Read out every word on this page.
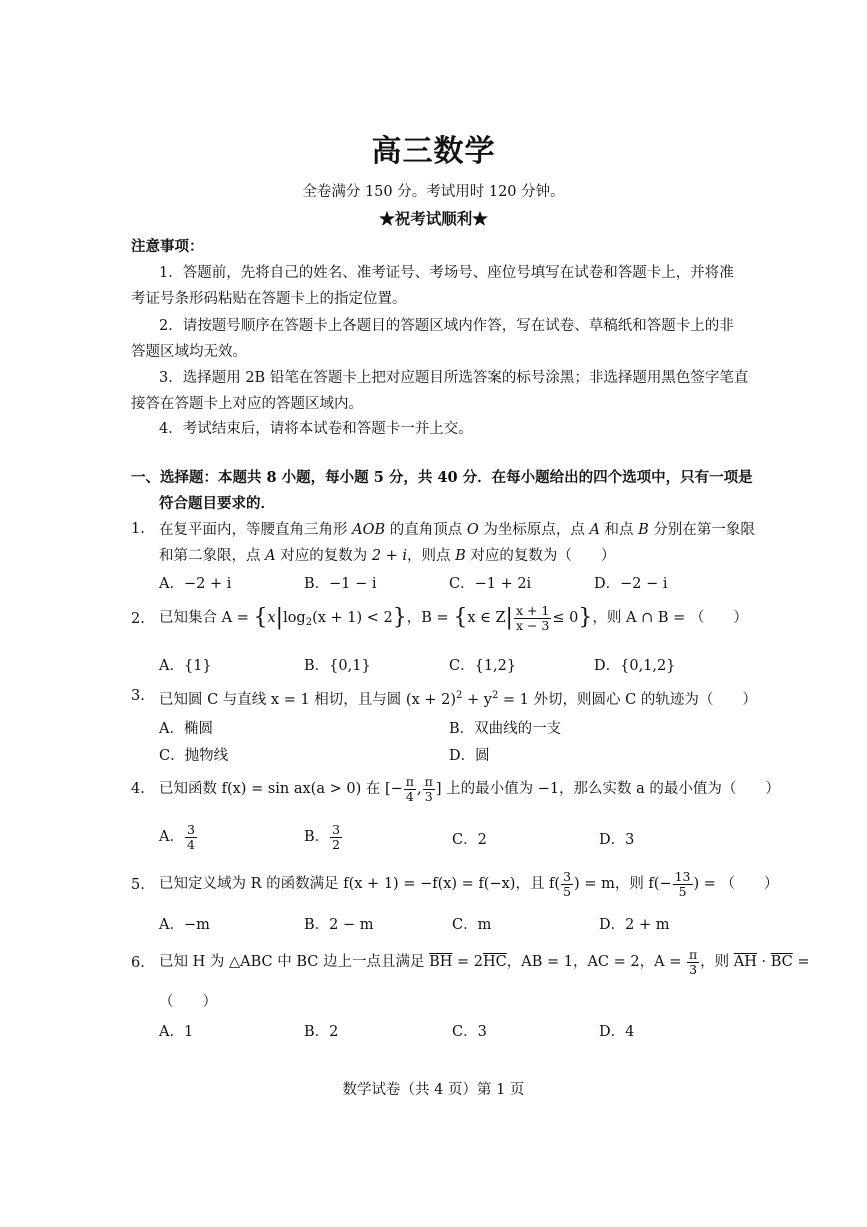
高三数学
全卷满分 150 分。考试用时 120 分钟。
★祝考试顺利★
注意事项：
1．答题前，先将自己的姓名、准考证号、考场号、座位号填写在试卷和答题卡上，并将准
考证号条形码粘贴在答题卡上的指定位置。
2．请按题号顺序在答题卡上各题目的答题区域内作答，写在试卷、草稿纸和答题卡上的非
答题区域均无效。
3．选择题用 2B 铅笔在答题卡上把对应题目所选答案的标号涂黑；非选择题用黑色签字笔直
接答在答题卡上对应的答题区域内。
4．考试结束后，请将本试卷和答题卡一并上交。
一、选择题：本题共 8 小题，每小题 5 分，共 40 分．在每小题给出的四个选项中，只有一项是
符合题目要求的．
1. 在复平面内，等腰直角三角形 AOB 的直角顶点 O 为坐标原点，点 A 和点 B 分别在第一象限
和第二象限，点 A 对应的复数为 2 + i，则点 B 对应的复数为（　　）
A．−2 + i	B．−1 − i	C．−1 + 2i	D．−2 − i
2. 已知集合 $A = \{x|\log_2(x + 1) < 2\}$，B = {x ∈ $Z| \frac{x + 1}{x - 3} \le 0$}，则 A ∩ B = （　　）
A．{1}	B．{0,1}	C．{1,2}	D．{0,1,2}
3. 已知圆 C 与直线 x = 1 相切，且与圆 $(x + 2)^2 + y^2 = 1$ 外切，则圆心 C 的轨迹为（　　）
A．椭圆	B．双曲线的一支
C．抛物线	D．圆
4. 已知函数 f(x) = sin ax(a > 0) 在 [− $\frac{\pi}{4}$ , $\frac{\pi}{3}$ ] 上的最小值为 −1，那么实数 a 的最小值为（　　）
A． $\frac{3}{4}$	B． $\frac{3}{2}$	C．2	D．3
5. 已知定义域为 R 的函数满足 f(x + 1) = −f(x) = f(−x)，且 $f( \frac{3}{5}$ ) = m，则 $f(- \frac{13}{5}$ ) = （　　）
A．−m	B．2 − m	C．m	D．2 + m
6. 已知 H 为 △ABC 中 BC 边上一点且满足 $\overline{BH} = 2\overline{HC}$，AB = 1，AC = 2，$A = \frac{\pi}{3}$ ，则 $\overline{AH} \cdot \overline{BC}$ =
（　　）
A．1	B．2	C．3	D．4
数学试卷（共 4 页）第 1 页
